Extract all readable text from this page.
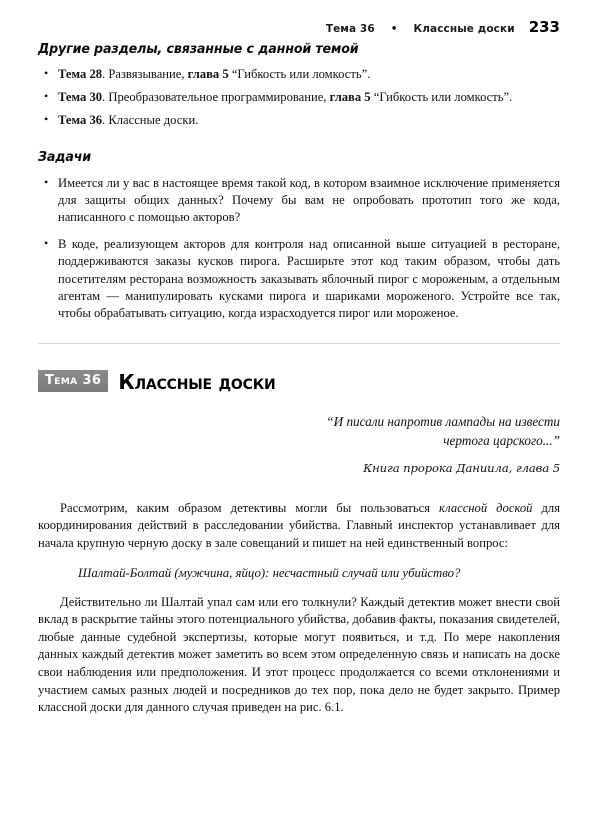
Тема 36 • Классные доски 233
Другие разделы, связанные с данной темой
• Тема 28. Развязывание, глава 5 “Гибкость или ломкость”.
• Тема 30. Преобразовательное программирование, глава 5 “Гибкость или ломкость”.
• Тема 36. Классные доски.
Задачи
• Имеется ли у вас в настоящее время такой код, в котором взаимное исключение применяется для защиты общих данных? Почему бы вам не опробовать прототип того же кода, написанного с помощью акторов?
• В коде, реализующем акторов для контроля над описанной выше ситуацией в ресторане, поддерживаются заказы кусков пирога. Расширьте этот код таким образом, чтобы дать посетителям ресторана возможность заказывать яблочный пирог с мороженым, а отдельным агентам — манипулировать кусками пирога и шариками мороженого. Устройте все так, чтобы обрабатывать ситуацию, когда израсходуется пирог или мороженое.
Тема 36 Классные доски
“И писали напротив лампады на извести
чертога царского...”
Книга пророка Даниила, глава 5

Рассмотрим, каким образом детективы могли бы пользоваться классной доской для координирования действий в расследовании убийства. Главный инспектор устанавливает для начала крупную черную доску в зале совещаний и пишет на ней единственный вопрос:

Шалтай-Болтай (мужчина, яйцо): несчастный случай или убийство?

Действительно ли Шалтай упал сам или его толкнули? Каждый детектив может внести свой вклад в раскрытие тайны этого потенциального убийства, добавив факты, показания свидетелей, любые данные судебной экспертизы, которые могут появиться, и т.д. По мере накопления данных каждый детектив может заметить во всем этом определенную связь и написать на доске свои наблюдения или предположения. И этот процесс продолжается со всеми отклонениями и участием самых разных людей и посредников до тех пор, пока дело не будет закрыто. Пример классной доски для данного случая приведен на рис. 6.1.
